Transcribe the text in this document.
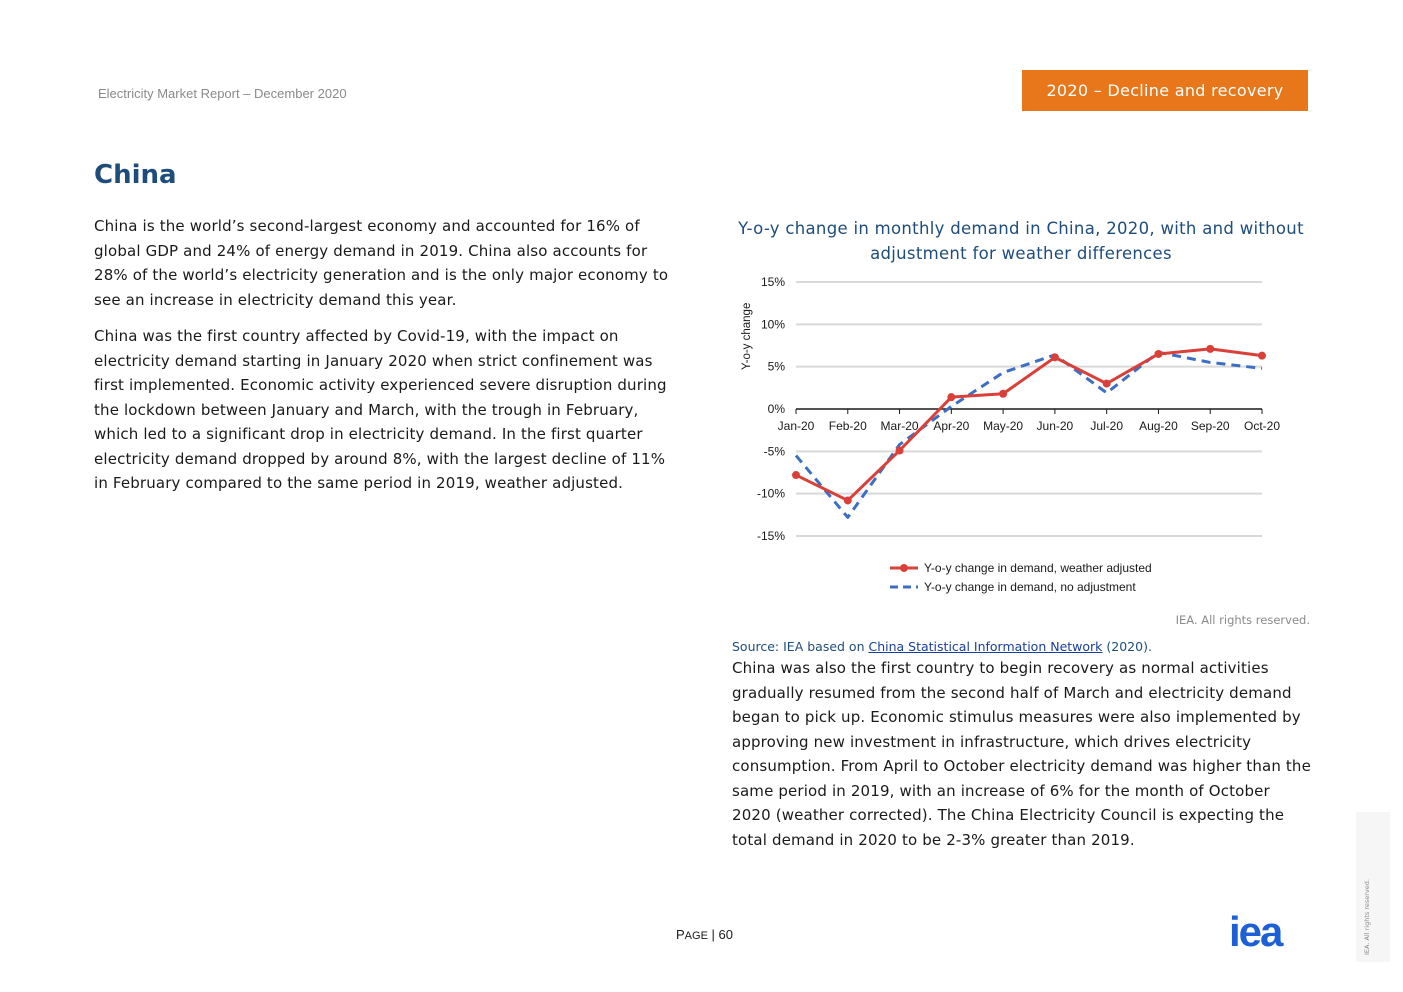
Electricity Market Report – December 2020	2020 – Decline and recovery
China

China is the world’s second-largest economy and accounted for 16% of global GDP and 24% of energy demand in 2019. China also accounts for 28% of the world’s electricity generation and is the only major economy to see an increase in electricity demand this year.

China was the first country affected by Covid-19, with the impact on electricity demand starting in January 2020 when strict confinement was first implemented. Economic activity experienced severe disruption during the lockdown between January and March, with the trough in February, which led to a significant drop in electricity demand. In the first quarter electricity demand dropped by around 8%, with the largest decline of 11% in February compared to the same period in 2019, weather adjusted.

Y-o-y change in monthly demand in China, 2020, with and without adjustment for weather differences
15%
10%
5%
0%
-5%
-10%
-15%
Jan-20 Feb-20 Mar-20 Apr-20 May-20 Jun-20 Jul-20 Aug-20 Sep-20 Oct-20
Y-o-y change
Y-o-y change in demand, weather adjusted
Y-o-y change in demand, no adjustment
IEA. All rights reserved.
Source: IEA based on China Statistical Information Network (2020).

China was also the first country to begin recovery as normal activities gradually resumed from the second half of March and electricity demand began to pick up. Economic stimulus measures were also implemented by approving new investment in infrastructure, which drives electricity consumption. From April to October electricity demand was higher than the same period in 2019, with an increase of 6% for the month of October 2020 (weather corrected). The China Electricity Council is expecting the total demand in 2020 to be 2-3% greater than 2019.

PAGE | 60	IEA. All rights reserved.
iea
